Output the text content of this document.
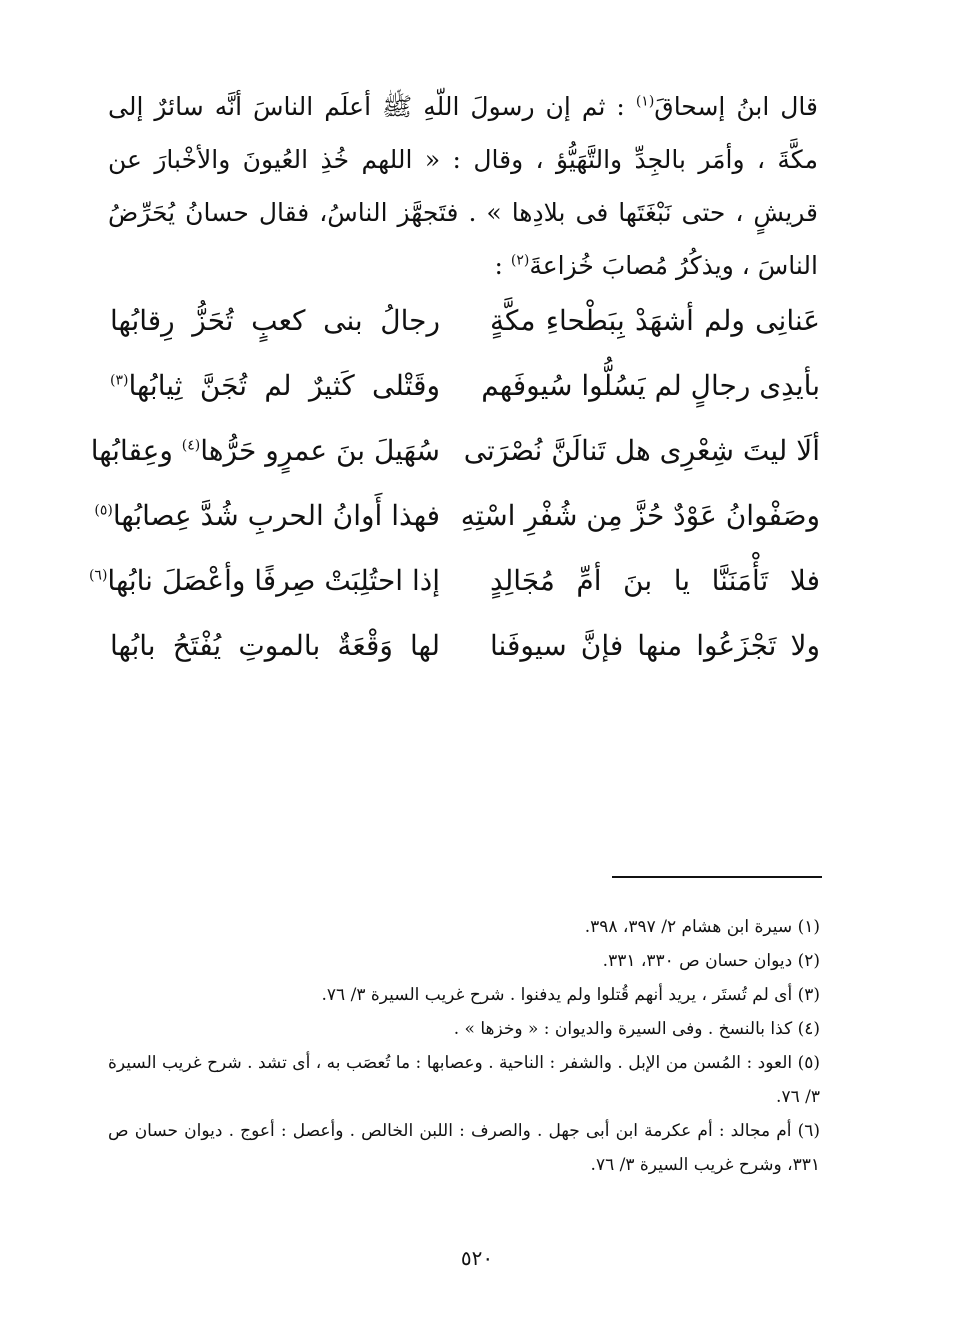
قال ابنُ إسحاقَ$^{(١)}$ : ثم إن رسولَ اللّهِ ﷺ أعلَم الناسَ أنَّه سائرٌ إلى مكَّةَ ، وأمَر بالجِدِّ والتَّهَيُّؤ ، وقال : « اللهم خُذِ العُيونَ والأخْبارَ عن قريشٍ ، حتى نَبْغَتَها فى بلادِها » . فتَجهَّز الناسُ، فقال حسانُ يُحَرِّضُ الناسَ ، ويذكُرُ مُصابَ خُزاعةَ$^{(٢)}$ :

عَنانِى ولم أشهَدْ بِبَطْحاءِ مكَّةٍ
رجالُ بنى كعبٍ تُحَزُّ رِقابُها
بأيدِى رجالٍ لم يَسُلُّوا سُيوفَهم
وقَتْلى كَثيرٌ لم تُجَنَّ ثِيابُها$^{(٣)}$
ألَا ليتَ شِعْرِى هل تَنالَنَّ نُصْرَتى
سُهَيلَ بنَ عمرٍو حَرُّها$^{(٤)}$ وعِقابُها
وصَفْوانُ عَوْدٌ حُزَّ مِن شُفْرِ اسْتِهِ
فهذا أَوانُ الحربِ شُدَّ عِصابُها$^{(٥)}$
فلا تَأْمَنَنَّا يا بنَ أمِّ مُجَالِدٍ
إذا احتُلِبَتْ صِرفًا وأعْصَلَ نابُها$^{(٦)}$
ولا تَجْزَعُوا منها فإنَّ سيوفَنا
لها وَقْعَةٌ بالموتِ يُفْتَحُ بابُها

(١) سيرة ابن هشام ٢/ ٣٩٧، ٣٩٨.

(٢) ديوان حسان ص ٣٣٠، ٣٣١.

(٣) أى لم تُستَر ، يريد أنهم قُتلوا ولم يدفنوا . شرح غريب السيرة ٣/ ٧٦.

(٤) كذا بالنسخ . وفى السيرة والديوان : « وخزها » .

(٥) العود : المُسن من الإبل . والشفر : الناحية . وعصابها : ما تُعصَب به ، أى تشد . شرح غريب السيرة ٣/ ٧٦.

(٦) أم مجالد : أم عكرمة ابن أبى جهل . والصرف : اللبن الخالص . وأعصل : أعوج . ديوان حسان ص ٣٣١، وشرح غريب السيرة ٣/ ٧٦.

٥٢٠
